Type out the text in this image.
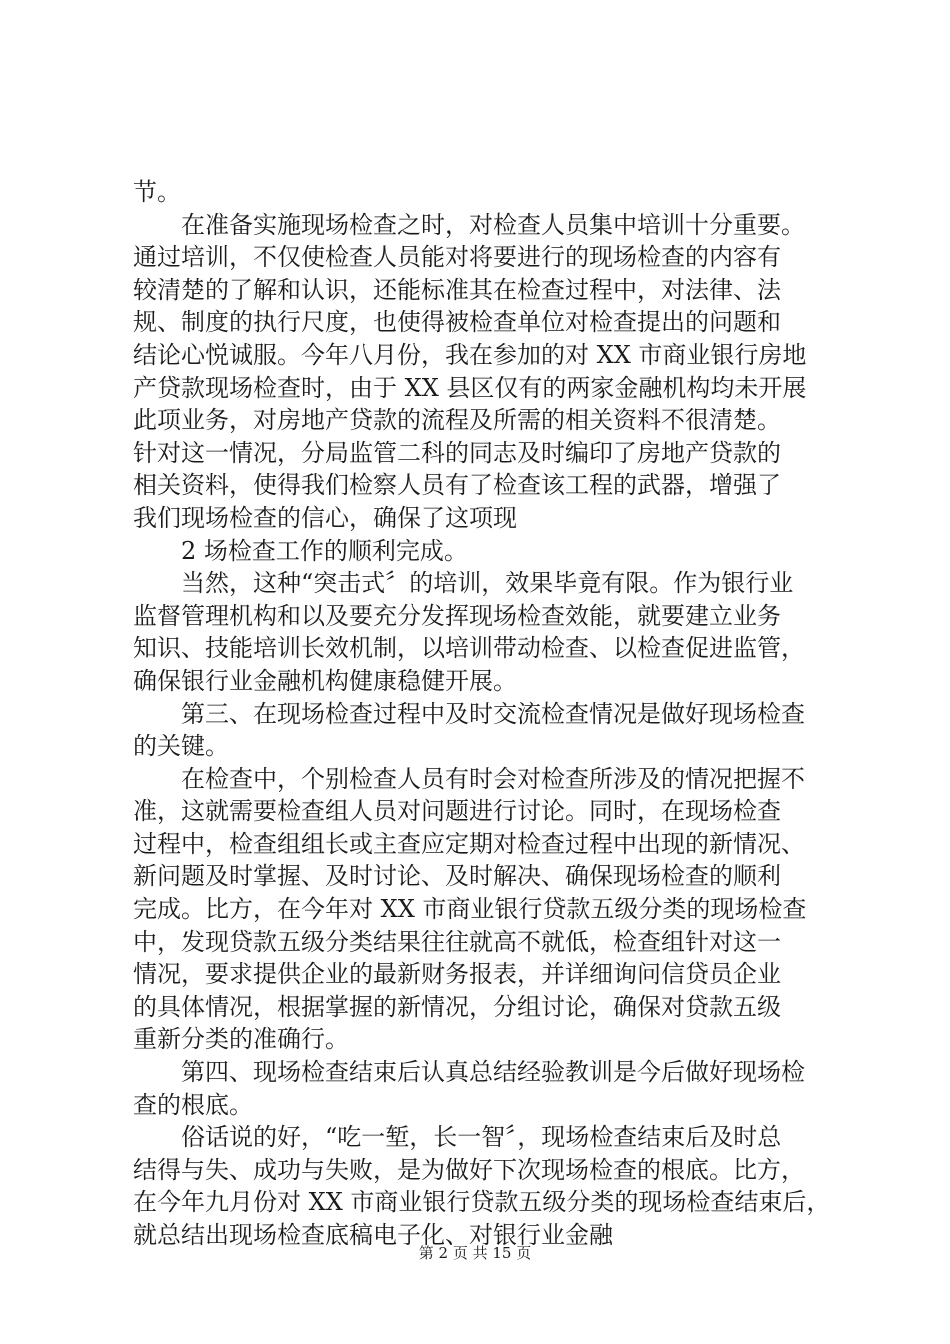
节。
在准备实施现场检查之时，对检查人员集中培训十分重要。
通过培训，不仅使检查人员能对将要进行的现场检查的内容有
较清楚的了解和认识，还能标准其在检查过程中，对法律、法
规、制度的执行尺度，也使得被检查单位对检查提出的问题和
结论心悦诚服。今年八月份，我在参加的对 XX 市商业银行房地
产贷款现场检查时，由于 XX 县区仅有的两家金融机构均未开展
此项业务，对房地产贷款的流程及所需的相关资料不很清楚。
针对这一情况，分局监管二科的同志及时编印了房地产贷款的
相关资料，使得我们检察人员有了检查该工程的武器，增强了
我们现场检查的信心，确保了这项现
2 场检查工作的顺利完成。
当然，这种“突击式〞的培训，效果毕竟有限。作为银行业
监督管理机构和以及要充分发挥现场检查效能，就要建立业务
知识、技能培训长效机制，以培训带动检查、以检查促进监管，
确保银行业金融机构健康稳健开展。
第三、在现场检查过程中及时交流检查情况是做好现场检查
的关键。
在检查中，个别检查人员有时会对检查所涉及的情况把握不
准，这就需要检查组人员对问题进行讨论。同时，在现场检查
过程中，检查组组长或主查应定期对检查过程中出现的新情况、
新问题及时掌握、及时讨论、及时解决、确保现场检查的顺利
完成。比方，在今年对 XX 市商业银行贷款五级分类的现场检查
中，发现贷款五级分类结果往往就高不就低，检查组针对这一
情况，要求提供企业的最新财务报表，并详细询问信贷员企业
的具体情况，根据掌握的新情况，分组讨论，确保对贷款五级
重新分类的准确行。
第四、现场检查结束后认真总结经验教训是今后做好现场检
查的根底。
俗话说的好，“吃一堑，长一智〞，现场检查结束后及时总
结得与失、成功与失败，是为做好下次现场检查的根底。比方，
在今年九月份对 XX 市商业银行贷款五级分类的现场检查结束后，
就总结出现场检查底稿电子化、对银行业金融
第 2 页 共 15 页
